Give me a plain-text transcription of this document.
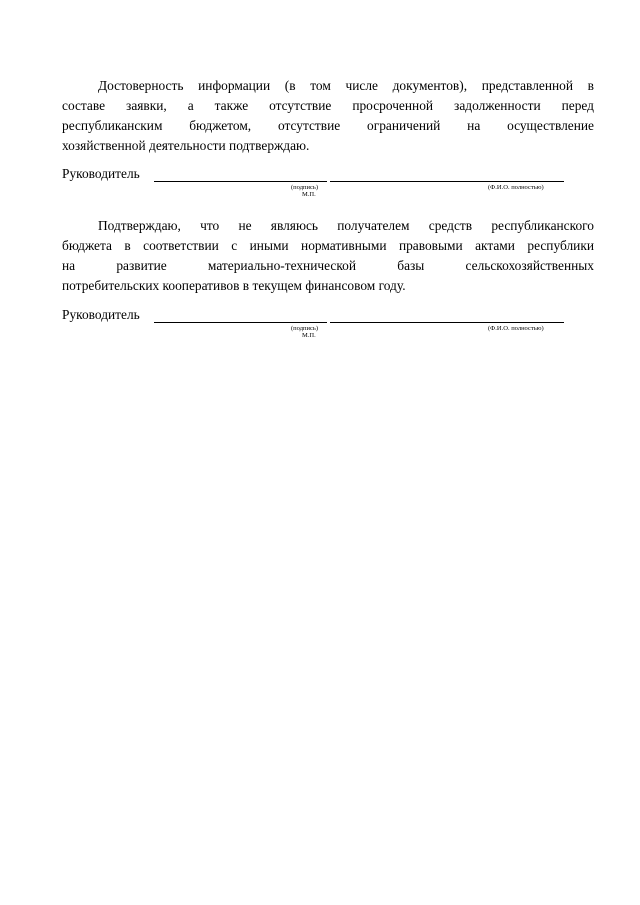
Достоверность информации (в том числе документов), представленной в
составе заявки, а также отсутствие просроченной задолженности перед
республиканским бюджетом, отсутствие ограничений на осуществление
хозяйственной деятельности подтверждаю.
Руководитель
(подпись)
М.П.
(Ф.И.О. полностью)
Подтверждаю, что не являюсь получателем средств республиканского
бюджета в соответствии с иными нормативными правовыми актами республики
на развитие материально-технической базы сельскохозяйственных
потребительских кооперативов в текущем финансовом году.
Руководитель
(подпись)
М.П.
(Ф.И.О. полностью)
